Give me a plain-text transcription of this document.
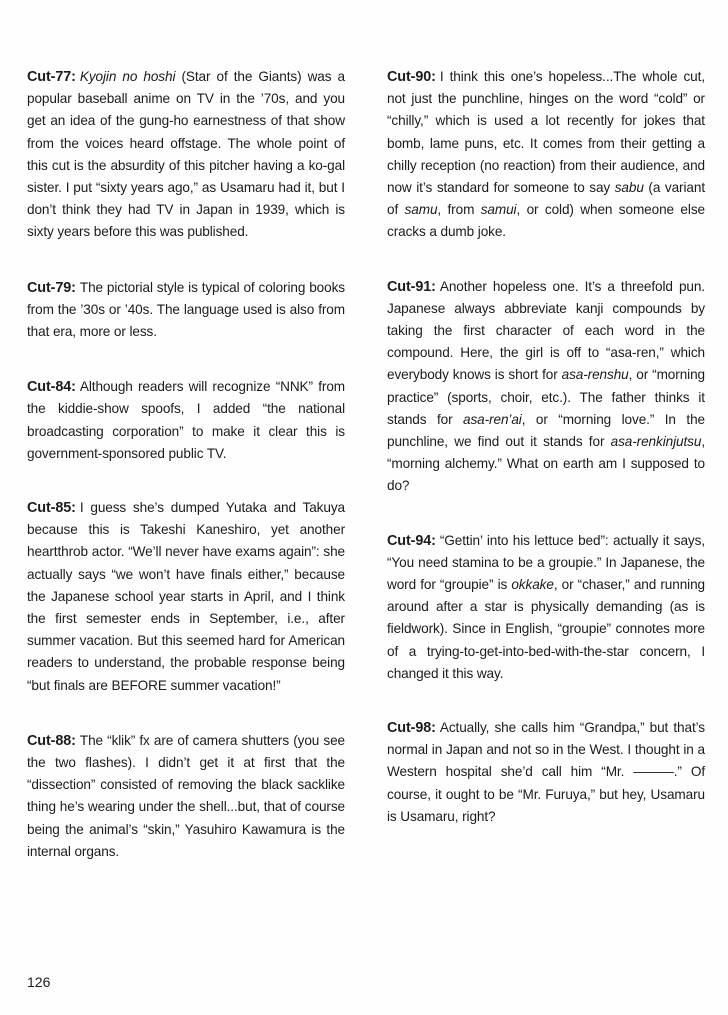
Cut-77: Kyojin no hoshi (Star of the Giants) was a popular baseball anime on TV in the ’70s, and you get an idea of the gung-ho earnestness of that show from the voices heard offstage. The whole point of this cut is the absurdity of this pitcher having a ko-gal sister. I put “sixty years ago,” as Usamaru had it, but I don’t think they had TV in Japan in 1939, which is sixty years before this was published.

Cut-79: The pictorial style is typical of coloring books from the ’30s or ’40s. The language used is also from that era, more or less.

Cut-84: Although readers will recognize “NNK” from the kiddie-show spoofs, I added “the national broadcasting corporation” to make it clear this is government-sponsored public TV.

Cut-85: I guess she’s dumped Yutaka and Takuya because this is Takeshi Kaneshiro, yet another heartthrob actor. “We’ll never have exams again”: she actually says “we won’t have finals either,” because the Japanese school year starts in April, and I think the first semester ends in September, i.e., after summer vacation. But this seemed hard for American readers to understand, the probable response being “but finals are BEFORE summer vacation!”

Cut-88: The “klik” fx are of camera shutters (you see the two flashes). I didn’t get it at first that the “dissection” consisted of removing the black sacklike thing he’s wearing under the shell...but, that of course being the animal’s “skin,” Yasuhiro Kawamura is the internal organs.

Cut-90: I think this one’s hopeless...The whole cut, not just the punchline, hinges on the word “cold” or “chilly,” which is used a lot recently for jokes that bomb, lame puns, etc. It comes from their getting a chilly reception (no reaction) from their audience, and now it’s standard for someone to say sabu (a variant of samu, from samui, or cold) when someone else cracks a dumb joke.

Cut-91: Another hopeless one. It’s a threefold pun. Japanese always abbreviate kanji compounds by taking the first character of each word in the compound. Here, the girl is off to “asa-ren,” which everybody knows is short for asa-renshu, or “morning practice” (sports, choir, etc.). The father thinks it stands for asa-ren’ai, or “morning love.” In the punchline, we find out it stands for asa-renkinjutsu, “morning alchemy.” What on earth am I supposed to do?

Cut-94: “Gettin’ into his lettuce bed”: actually it says, “You need stamina to be a groupie.” In Japanese, the word for “groupie” is okkake, or “chaser,” and running around after a star is physically demanding (as is fieldwork). Since in English, “groupie” connotes more of a trying-to-get-into-bed-with-the-star concern, I changed it this way.

Cut-98: Actually, she calls him “Grandpa,” but that’s normal in Japan and not so in the West. I thought in a Western hospital she’d call him “Mr. ———.” Of course, it ought to be “Mr. Furuya,” but hey, Usamaru is Usamaru, right?

126
